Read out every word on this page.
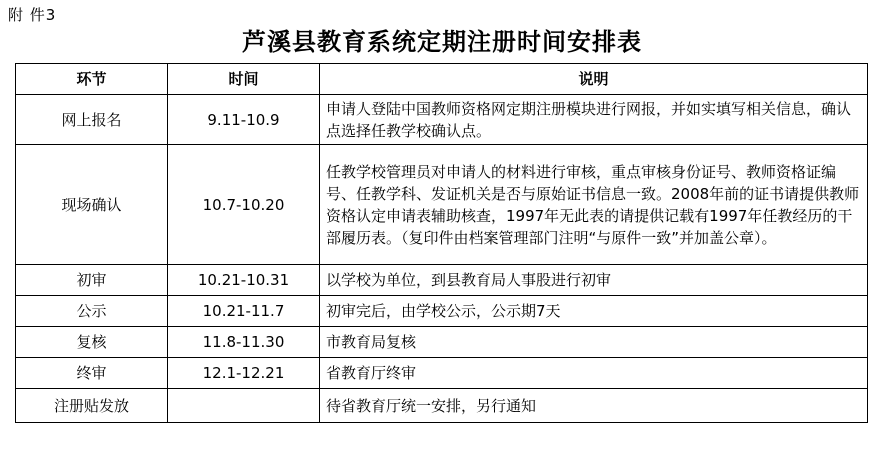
附 件3
芦溪县教育系统定期注册时间安排表
环节	时间	说明
网上报名	9.11-10.9	申请人登陆中国教师资格网定期注册模块进行网报，并如实填写相关信息，确认点选择任教学校确认点。
现场确认	10.7-10.20	任教学校管理员对申请人的材料进行审核，重点审核身份证号、教师资格证编号、任教学科、发证机关是否与原始证书信息一致。2008年前的证书请提供教师资格认定申请表辅助核查，1997年无此表的请提供记载有1997年任教经历的干部履历表。（复印件由档案管理部门注明“与原件一致”并加盖公章）。
初审	10.21-10.31	以学校为单位，到县教育局人事股进行初审
公示	10.21-11.7	初审完后，由学校公示，公示期7天
复核	11.8-11.30	市教育局复核
终审	12.1-12.21	省教育厅终审
注册贴发放		待省教育厅统一安排，另行通知
